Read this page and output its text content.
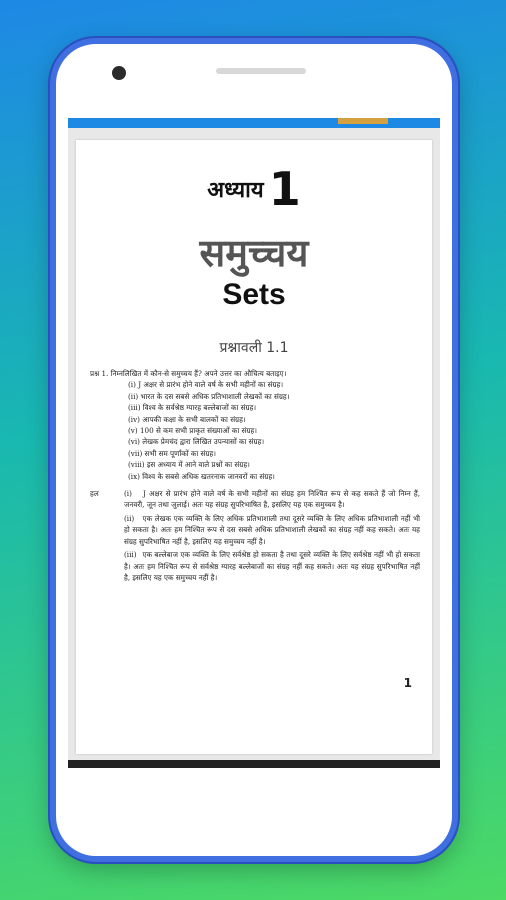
अध्याय 1
समुच्चय
Sets
प्रश्नावली 1.1
प्रश्न 1. निम्नलिखित में कौन-से समुच्चय हैं? अपने उत्तर का औचित्य बताइए।
(i) J अक्षर से प्रारंभ होने वाले वर्ष के सभी महीनों का संग्रह।
(ii) भारत के दस सबसे अधिक प्रतिभाशाली लेखकों का संग्रह।
(iii) विश्व के सर्वश्रेष्ठ ग्यारह बल्लेबाजों का संग्रह।
(iv) आपकी कक्षा के सभी बालकों का संग्रह।
(v) 100 से कम सभी प्राकृत संख्याओं का संग्रह।
(vi) लेखक प्रेमचंद द्वारा लिखित उपन्यासों का संग्रह।
(vii) सभी सम पूर्णांकों का संग्रह।
(viii) इस अध्याय में आने वाले प्रश्नों का संग्रह।
(ix) विश्व के सबसे अधिक खतरनाक जानवरों का संग्रह।
हल	(i) J अक्षर से प्रारंभ होने वाले वर्ष के सभी महीनों का संग्रह हम निश्चित रूप से कह सकते हैं जो निम्न हैं, जनवरी, जून तथा जुलाई। अतः यह संग्रह सुपरिभाषित है, इसलिए यह एक समुच्चय है।
(ii) एक लेखक एक व्यक्ति के लिए अधिक प्रतिभाशाली तथा दूसरे व्यक्ति के लिए अधिक प्रतिभाशाली नहीं भी हो सकता है। अतः हम निश्चित रूप से दस सबसे अधिक प्रतिभाशाली लेखकों का संग्रह नहीं कह सकते। अतः यह संग्रह सुपरिभाषित नहीं है, इसलिए यह समुच्चय नहीं है।
(iii) एक बल्लेबाज एक व्यक्ति के लिए सर्वश्रेष्ठ हो सकता है तथा दूसरे व्यक्ति के लिए सर्वश्रेष्ठ नहीं भी हो सकता है। अतः हम निश्चित रूप से सर्वश्रेष्ठ ग्यारह बल्लेबाजों का संग्रह नहीं कह सकते। अतः यह संग्रह सुपरिभाषित नहीं है, इसलिए यह एक समुच्चय नहीं है।
1
